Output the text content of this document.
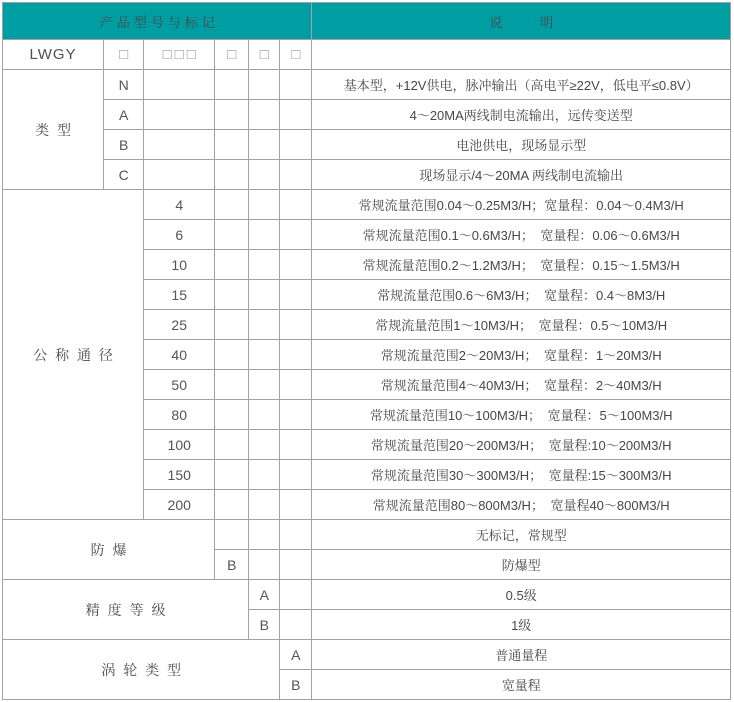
产品型号与标记						说　　明
LWGY	□	□□□	□	□	□	
类 型	N					基本型，+12V供电，脉冲输出（高电平≥22V，低电平≤0.8V）
	A					4～20MA两线制电流输出，远传变送型
	B					电池供电，现场显示型
	C					现场显示/4～20MA 两线制电流输出
公 称 通 径		4				常规流量范围0.04～0.25M3/H；宽量程：0.04～0.4M3/H
		6				常规流量范围0.1～0.6M3/H；　宽量程：0.06～0.6M3/H
		10				常规流量范围0.2～1.2M3/H；　宽量程：0.15～1.5M3/H
		15				常规流量范围0.6～6M3/H；　宽量程：0.4～8M3/H
		25				常规流量范围1～10M3/H；　宽量程：0.5～10M3/H
		40				常规流量范围2～20M3/H；　宽量程：1～20M3/H
		50				常规流量范围4～40M3/H；　宽量程：2～40M3/H
		80				常规流量范围10～100M3/H；　宽量程：5～100M3/H
		100				常规流量范围20～200M3/H；　宽量程:10～200M3/H
		150				常规流量范围30～300M3/H；　宽量程:15～300M3/H
		200				常规流量范围80～800M3/H；　宽量程40～800M3/H
防 爆						无标记，常规型
			B			防爆型
精 度 等 级				A		0.5级
				B		1级
涡 轮 类 型					A	普通量程
					B	宽量程
